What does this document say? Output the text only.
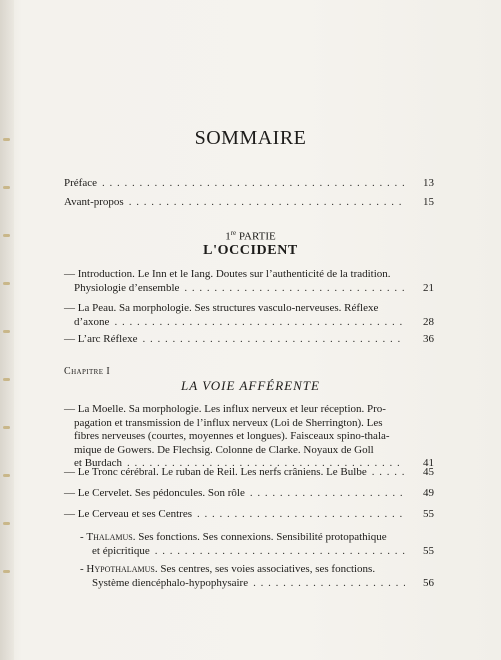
SOMMAIRE
Préface . . .	13
Avant-propos . . .	15
1re PARTIE
L'OCCIDENT
— Introduction. Le Inn et le Iang. Doutes sur l’authenticité de la tradition.
Physiologie d’ensemble . . .	21
— La Peau. Sa morphologie. Ses structures vasculo-nerveuses. Réflexe
d’axone . . .	28
— L’arc Réflexe . . .	36
Chapitre I
LA VOIE AFFÉRENTE
— La Moelle. Sa morphologie. Les influx nerveux et leur réception. Pro-
pagation et transmission de l’influx nerveux (Loi de Sherrington). Les
fibres nerveuses (courtes, moyennes et longues). Faisceaux spino-thala-
mique de Gowers. De Flechsig. Colonne de Clarke. Noyaux de Goll
et Burdach . . .	41
— Le Tronc cérébral. Le ruban de Reil. Les nerfs crâniens. Le Bulbe . . .	45
— Le Cervelet. Ses pédoncules. Son rôle . . .	49
— Le Cerveau et ses Centres . . .	55
-
Thalamus . Ses fonctions. Ses connexions. Sensibilité protopathique
et épicritique . . .	55
-
Hypothalamus . Ses centres, ses voies associatives, ses fonctions.
Système diencéphalo-hypophysaire . . .	56
